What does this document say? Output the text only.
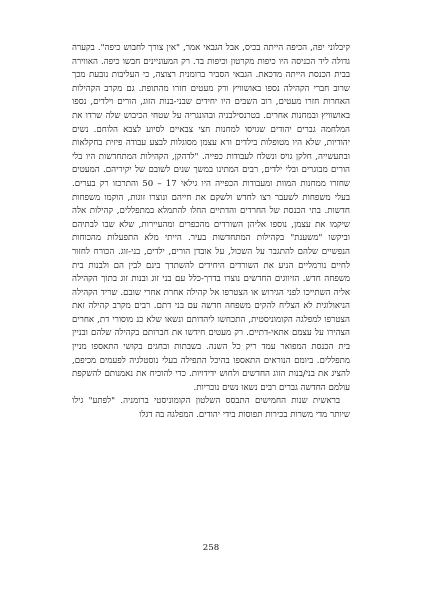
קיבלוני יפה, הכיפה הייתה בכיס, אבל הגבאי אמר, "אין צורך לחבוש כיפה". בקערה גדולה ליד הכניסה היו כיפות מקרטון וכיפות בד. רק המעוניינים חבשו כיפה. האווירה בבית הכנסת הייתה מדכאת. הגבאי הסביר ברומנית רצוצה, כי העליבות נובעת מכך שרוב חברי הקהילה נספו באושוויץ ורק מעטים חזרו מהתופת. גם מקרב הקהילות האחרות חזרו מעטים, רוב השבים היו יחידים שבני-בנות הזוג, הורים וילדים, נספו באושוויץ ובמחנות אחרים. בטרנסילבניה ובהונגריה על שטחי הכיבוש שלה שרדו את המלחמה גברים יהודים שגויסו למחנות חצי צבאיים לסיוע לצבא הלוחם. נשים יהודיות, שלא היו מטופלות בילדים ורא עצמן מסוגלות לבצע עבודה פיזית בחקלאות ובתעשייה, חלקן גויס ונשלח לעבודות כפייה. "לדהקן, הקהילות המתחדשות היו בלי הורים מבוגרים ובלי ילדים, רבים המתינו במשך שנים לשובם של יקיריהם. המעטים שחזרו ממחנות המוות ומעבודות הכפייה היו גילאי 17 – 50 והתרכזו רק בערים. בעלי משפחות לשעבר רצו לחדש ולשקם את חייהם ונוצרו זוגות, הוקמו משפחות חדשות. בתי הכנסת של החרדים והדתיים החלו להתמלא במתפללים, קהילות אלה שיקמו את עצמן, נוספו אליהן השורדים מהכפרים ומהעיירות, שלא שבו לבתיהם וביקשו "משענת" בקהילות המתחדשות בעיר. הייתי מלא התפעלות מהכוחות הנפשיים שלהם להתגבר על השכול, על אובדן הורים, ילדים, בני-זוג. הכורח לחזור לחיים נורמליים הניע את השורדים היחידים להשתדך בינם לבין הם ולבנות בית משפחה חדש. הזיווגים החדשים נוצרו בדרך-כלל עם בני זוג ובנות זוג בתוך הקהילה אליה השתייכו לפני הגירוש או הצטרפו אל קהילה אחרת אחרי שובם. שריד הקהילה הניאולוגית לא הצליח להקים משפחה חדשה עם בני דתם. רבים מקרב קהילה זאת הצטרפו למפלגה הקומוניסטית, התכחשו ליהדותם ונשאו שלא כנ מוסורי דת, אחרים הצהירו על עצמם אתאי-דתיים. רק מעטים חידשו את חברותם בקהילה שלהם ובניין בית הכנסת המפואר עמד ריק כל השנה. בשבתות ובחגים בקושי התאספו מניין מתפללים. ביומם הנוראים התאספו בהיכל התפילה בעלי נוסטלגיה לפעמים מכיפם, להציג את בני/בנות הזוג החדשים ולחוש ידידויות. כדי להוכיח את נאמנותם להשקפת עולמם החדשה גברים רבים נשאו נשים נוכריות.

בראשית שנות החמישים התבסס השלטון הקומוניסטי ברומניה. "לפתע" גילו שיותר מדי משרות בכירות תפוסות בידי יהודים. המפלגה בה דגלו

258
